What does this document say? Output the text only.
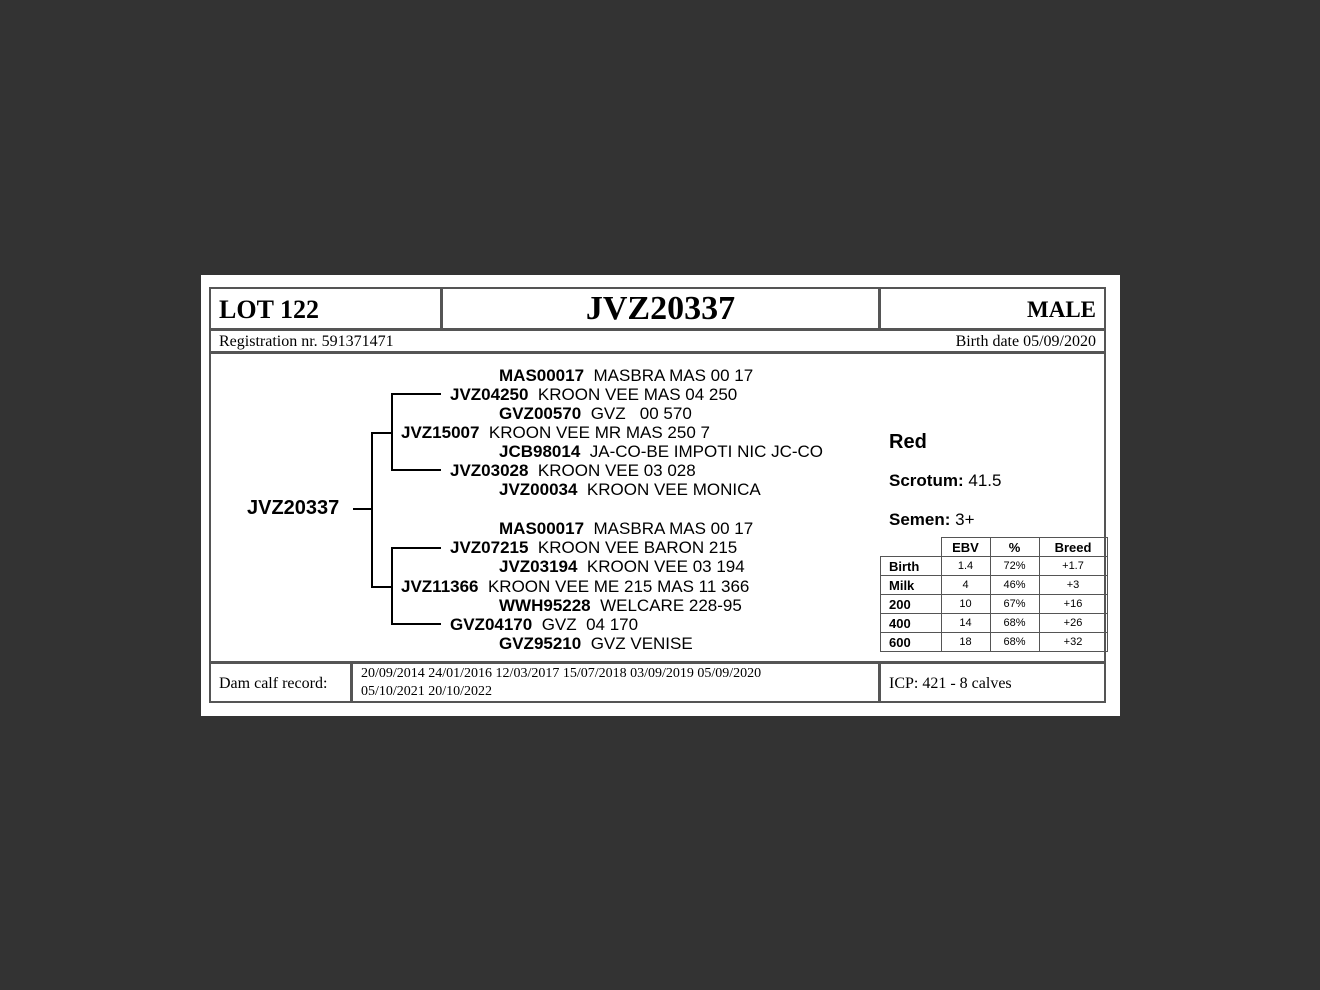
LOT 122	JVZ20337	MALE
Registration nr. 591371471	Birth date 05/09/2020
JVZ20337
MAS00017 MASBRA MAS 00 17
JVZ04250 KROON VEE MAS 04 250
GVZ00570 GVZ   00 570
JVZ15007 KROON VEE MR MAS 250 7
JCB98014 JA-CO-BE IMPOTI NIC JC-CO
JVZ03028 KROON VEE 03 028
JVZ00034 KROON VEE MONICA
MAS00017 MASBRA MAS 00 17
JVZ07215 KROON VEE BARON 215
JVZ03194 KROON VEE 03 194
JVZ11366 KROON VEE ME 215 MAS 11 366
WWH95228 WELCARE 228-95
GVZ04170 GVZ  04 170
GVZ95210 GVZ VENISE
Red
Scrotum: 41.5
Semen: 3+
	EBV	%	Breed
Birth	1.4	72%	+1.7
Milk	4	46%	+3
200	10	67%	+16
400	14	68%	+26
600	18	68%	+32
Dam calf record:
20/09/2014 24/01/2016 12/03/2017 15/07/2018 03/09/2019 05/09/2020
05/10/2021 20/10/2022	ICP: 421 - 8 calves
